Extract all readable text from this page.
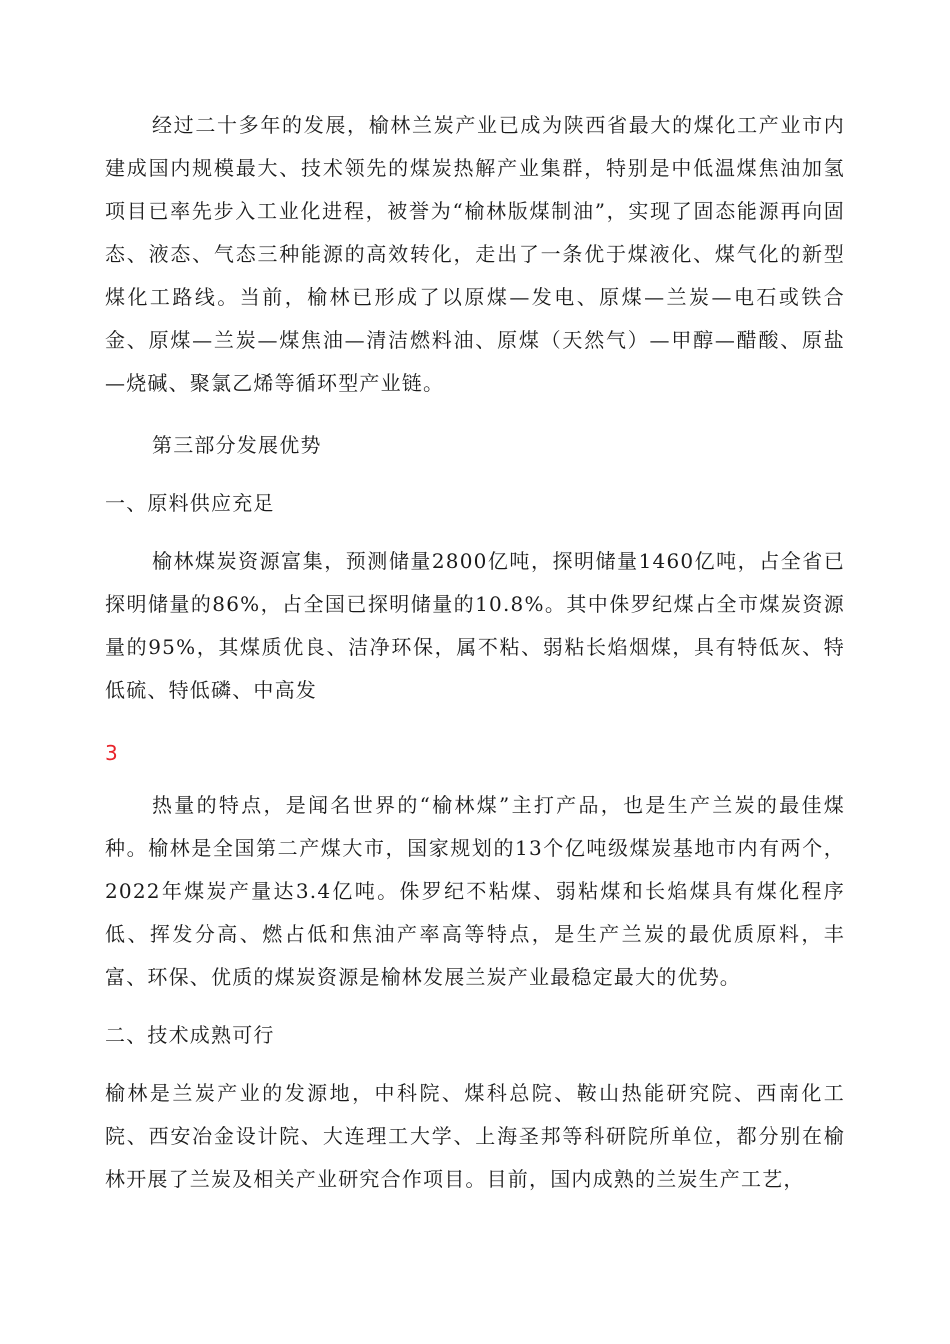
经过二十多年的发展，榆林兰炭产业已成为陕西省最大的煤化工产业市内建成国内规模最大、技术领先的煤炭热解产业集群，特别是中低温煤焦油加氢项目已率先步入工业化进程，被誉为“榆林版煤制油”，实现了固态能源再向固态、液态、气态三种能源的高效转化，走出了一条优于煤液化、煤气化的新型煤化工路线。当前，榆林已形成了以原煤—发电、原煤—兰炭—电石或铁合金、原煤—兰炭—煤焦油—清洁燃料油、原煤（天然气）—甲醇—醋酸、原盐—烧碱、聚氯乙烯等循环型产业链。

第三部分发展优势

一、原料供应充足

榆林煤炭资源富集，预测储量2800亿吨，探明储量1460亿吨，占全省已探明储量的86%，占全国已探明储量的10.8%。其中侏罗纪煤占全市煤炭资源量的95%，其煤质优良、洁净环保，属不粘、弱粘长焰烟煤，具有特低灰、特低硫、特低磷、中高发

3

热量的特点，是闻名世界的“榆林煤”主打产品，也是生产兰炭的最佳煤种。榆林是全国第二产煤大市，国家规划的13个亿吨级煤炭基地市内有两个，2022年煤炭产量达3.4亿吨。侏罗纪不粘煤、弱粘煤和长焰煤具有煤化程序低、挥发分高、燃占低和焦油产率高等特点，是生产兰炭的最优质原料，丰富、环保、优质的煤炭资源是榆林发展兰炭产业最稳定最大的优势。

二、技术成熟可行

榆林是兰炭产业的发源地，中科院、煤科总院、鞍山热能研究院、西南化工院、西安冶金设计院、大连理工大学、上海圣邦等科研院所单位，都分别在榆林开展了兰炭及相关产业研究合作项目。目前，国内成熟的兰炭生产工艺，
